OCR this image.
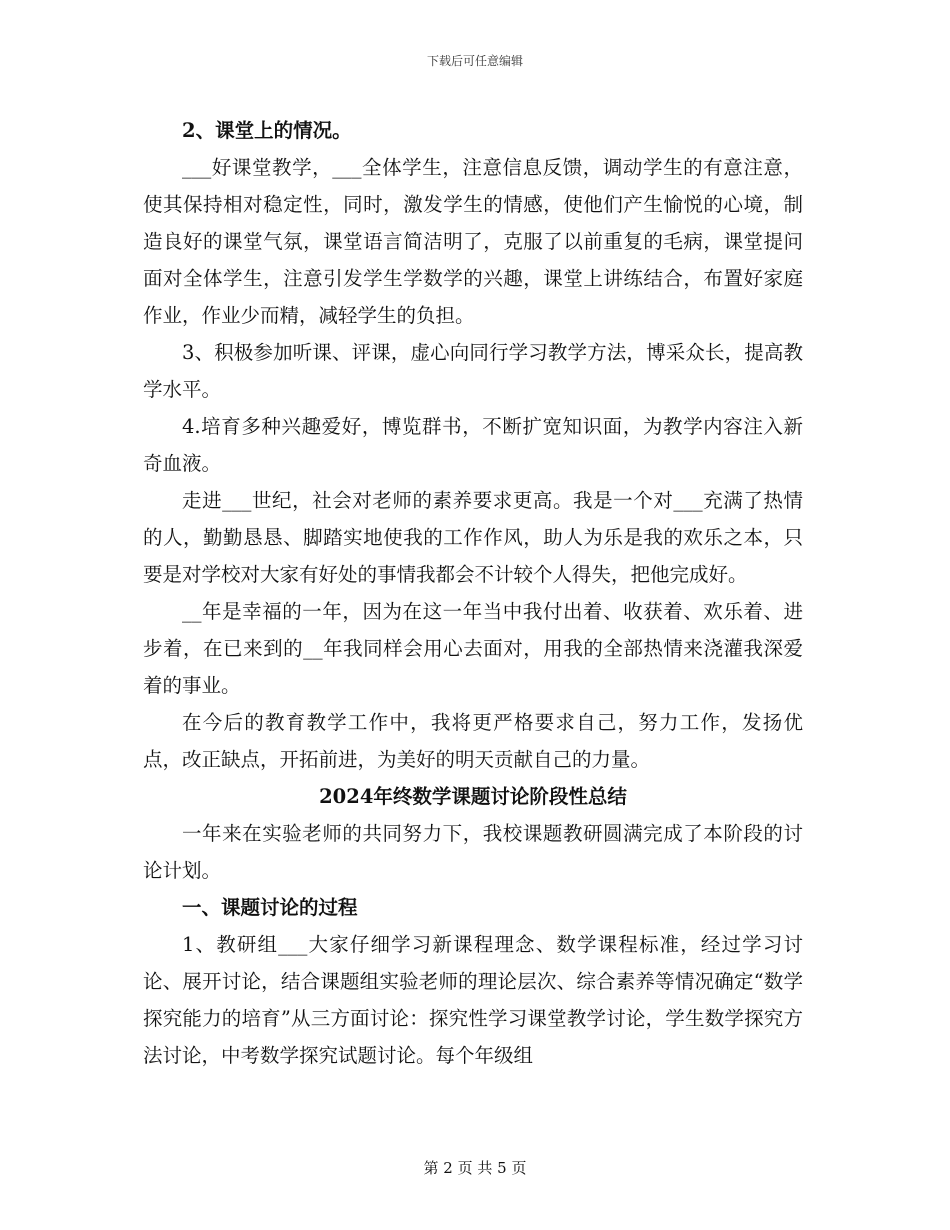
下载后可任意编辑

2、课堂上的情况。

___好课堂教学，___全体学生，注意信息反馈，调动学生的有意注意，使其保持相对稳定性，同时，激发学生的情感，使他们产生愉悦的心境，制造良好的课堂气氛，课堂语言简洁明了，克服了以前重复的毛病，课堂提问面对全体学生，注意引发学生学数学的兴趣，课堂上讲练结合，布置好家庭作业，作业少而精，减轻学生的负担。

3、积极参加听课、评课，虚心向同行学习教学方法，博采众长，提高教学水平。

4.培育多种兴趣爱好，博览群书，不断扩宽知识面，为教学内容注入新奇血液。

走进___世纪，社会对老师的素养要求更高。我是一个对___充满了热情的人，勤勤恳恳、脚踏实地使我的工作作风，助人为乐是我的欢乐之本，只要是对学校对大家有好处的事情我都会不计较个人得失，把他完成好。

__年是幸福的一年，因为在这一年当中我付出着、收获着、欢乐着、进步着，在已来到的__年我同样会用心去面对，用我的全部热情来浇灌我深爱着的事业。

在今后的教育教学工作中，我将更严格要求自己，努力工作，发扬优点，改正缺点，开拓前进，为美好的明天贡献自己的力量。

2024年终数学课题讨论阶段性总结

一年来在实验老师的共同努力下，我校课题教研圆满完成了本阶段的讨论计划。

一、课题讨论的过程

1、教研组___大家仔细学习新课程理念、数学课程标准，经过学习讨论、展开讨论，结合课题组实验老师的理论层次、综合素养等情况确定“数学探究能力的培育”从三方面讨论：探究性学习课堂教学讨论，学生数学探究方法讨论，中考数学探究试题讨论。每个年级组

第 2 页 共 5 页
